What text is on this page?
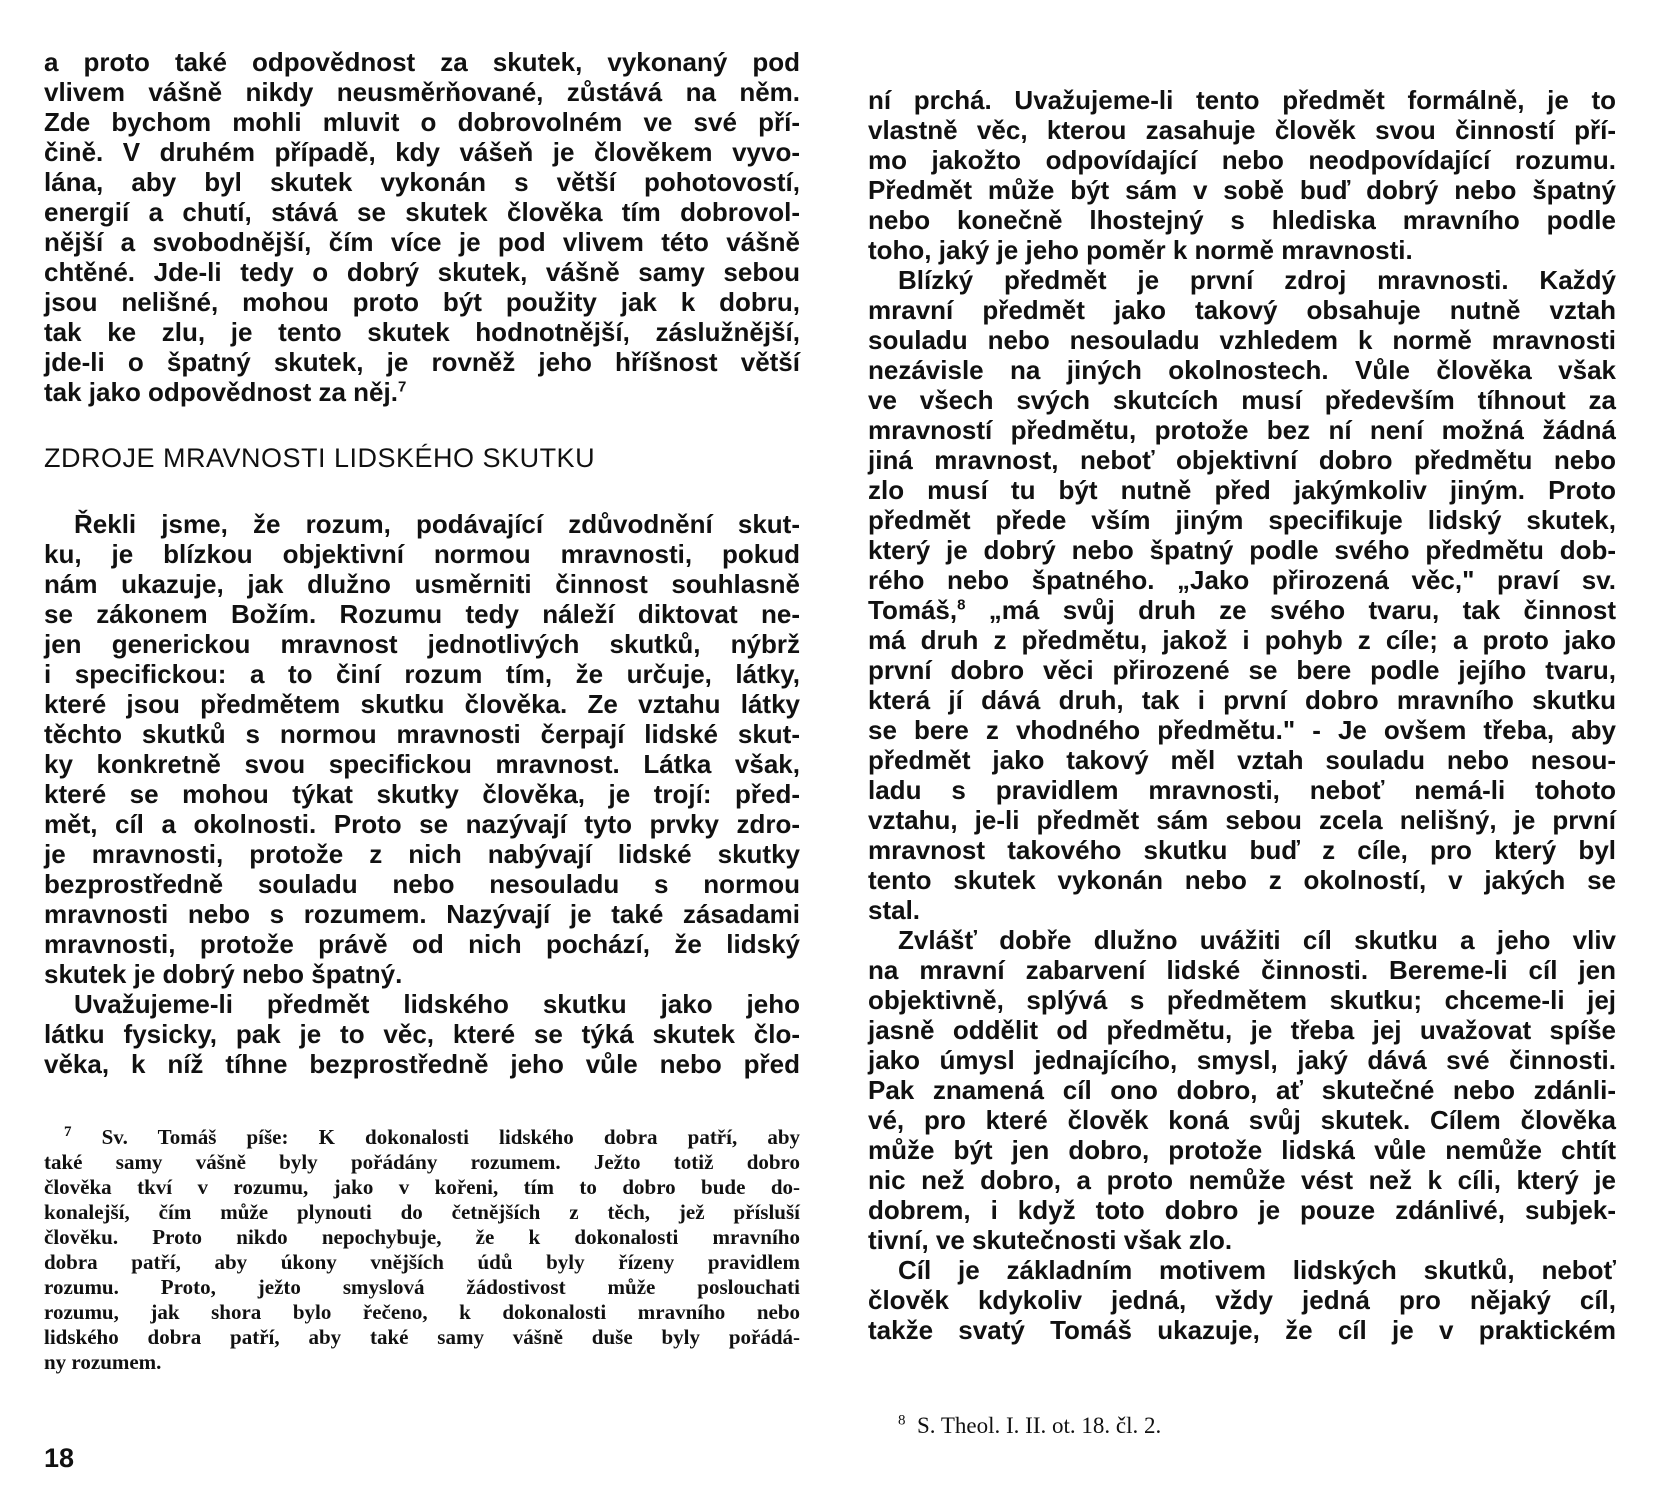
a proto také odpovědnost za skutek, vykonaný pod
vlivem vášně nikdy neusměrňované, zůstává na něm.
Zde bychom mohli mluvit o dobrovolném ve své pří-
čině. V druhém případě, kdy vášeň je člověkem vyvo-
lána, aby byl skutek vykonán s větší pohotovostí,
energií a chutí, stává se skutek člověka tím dobrovol-
nější a svobodnější, čím více je pod vlivem této vášně
chtěné. Jde-li tedy o dobrý skutek, vášně samy sebou
jsou nelišné, mohou proto být použity jak k dobru,
tak ke zlu, je tento skutek hodnotnější, záslužnější,
jde-li o špatný skutek, je rovněž jeho hříšnost větší
tak jako odpovědnost za něj.$^7$
ZDROJE MRAVNOSTI LIDSKÉHO SKUTKU
Řekli jsme, že rozum, podávající zdůvodnění skut-
ku, je blízkou objektivní normou mravnosti, pokud
nám ukazuje, jak dlužno usměrniti činnost souhlasně
se zákonem Božím. Rozumu tedy náleží diktovat ne-
jen generickou mravnost jednotlivých skutků, nýbrž
i specifickou: a to činí rozum tím, že určuje, látky,
které jsou předmětem skutku člověka. Ze vztahu látky
těchto skutků s normou mravnosti čerpají lidské skut-
ky konkretně svou specifickou mravnost. Látka však,
které se mohou týkat skutky člověka, je trojí: před-
mět, cíl a okolnosti. Proto se nazývají tyto prvky zdro-
je mravnosti, protože z nich nabývají lidské skutky
bezprostředně souladu nebo nesouladu s normou
mravnosti nebo s rozumem. Nazývají je také zásadami
mravnosti, protože právě od nich pochází, že lidský
skutek je dobrý nebo špatný.
Uvažujeme-li předmět lidského skutku jako jeho
látku fysicky, pak je to věc, které se týká skutek člo-
věka, k níž tíhne bezprostředně jeho vůle nebo před
$^7$ Sv. Tomáš píše: K dokonalosti lidského dobra patří, aby
také samy vášně byly pořádány rozumem. Ježto totiž dobro
člověka tkví v rozumu, jako v kořeni, tím to dobro bude do-
konalejší, čím může plynouti do četnějších z těch, jež přísluší
člověku. Proto nikdo nepochybuje, že k dokonalosti mravního
dobra patří, aby úkony vnějších údů byly řízeny pravidlem
rozumu. Proto, ježto smyslová žádostivost může poslouchati
rozumu, jak shora bylo řečeno, k dokonalosti mravního nebo
lidského dobra patří, aby také samy vášně duše byly pořádá-
ny rozumem.
18
ní prchá. Uvažujeme-li tento předmět formálně, je to
vlastně věc, kterou zasahuje člověk svou činností pří-
mo jakožto odpovídající nebo neodpovídající rozumu.
Předmět může být sám v sobě buď dobrý nebo špatný
nebo konečně lhostejný s hlediska mravního podle
toho, jaký je jeho poměr k normě mravnosti.
Blízký předmět je první zdroj mravnosti. Každý
mravní předmět jako takový obsahuje nutně vztah
souladu nebo nesouladu vzhledem k normě mravnosti
nezávisle na jiných okolnostech. Vůle člověka však
ve všech svých skutcích musí především tíhnout za
mravností předmětu, protože bez ní není možná žádná
jiná mravnost, neboť objektivní dobro předmětu nebo
zlo musí tu být nutně před jakýmkoliv jiným. Proto
předmět přede vším jiným specifikuje lidský skutek,
který je dobrý nebo špatný podle svého předmětu dob-
rého nebo špatného. „Jako přirozená věc," praví sv.
Tomáš,$^8$ „má svůj druh ze svého tvaru, tak činnost
má druh z předmětu, jakož i pohyb z cíle; a proto jako
první dobro věci přirozené se bere podle jejího tvaru,
která jí dává druh, tak i první dobro mravního skutku
se bere z vhodného předmětu." - Je ovšem třeba, aby
předmět jako takový měl vztah souladu nebo nesou-
ladu s pravidlem mravnosti, neboť nemá-li tohoto
vztahu, je-li předmět sám sebou zcela nelišný, je první
mravnost takového skutku buď z cíle, pro který byl
tento skutek vykonán nebo z okolností, v jakých se
stal.
Zvlášť dobře dlužno uvážiti cíl skutku a jeho vliv
na mravní zabarvení lidské činnosti. Bereme-li cíl jen
objektivně, splývá s předmětem skutku; chceme-li jej
jasně oddělit od předmětu, je třeba jej uvažovat spíše
jako úmysl jednajícího, smysl, jaký dává své činnosti.
Pak znamená cíl ono dobro, ať skutečné nebo zdánli-
vé, pro které člověk koná svůj skutek. Cílem člověka
může být jen dobro, protože lidská vůle nemůže chtít
nic než dobro, a proto nemůže vést než k cíli, který je
dobrem, i když toto dobro je pouze zdánlivé, subjek-
tivní, ve skutečnosti však zlo.
Cíl je základním motivem lidských skutků, neboť
člověk kdykoliv jedná, vždy jedná pro nějaký cíl,
takže svatý Tomáš ukazuje, že cíl je v praktickém
$^8$ S. Theol. I. II. ot. 18. čl. 2.
